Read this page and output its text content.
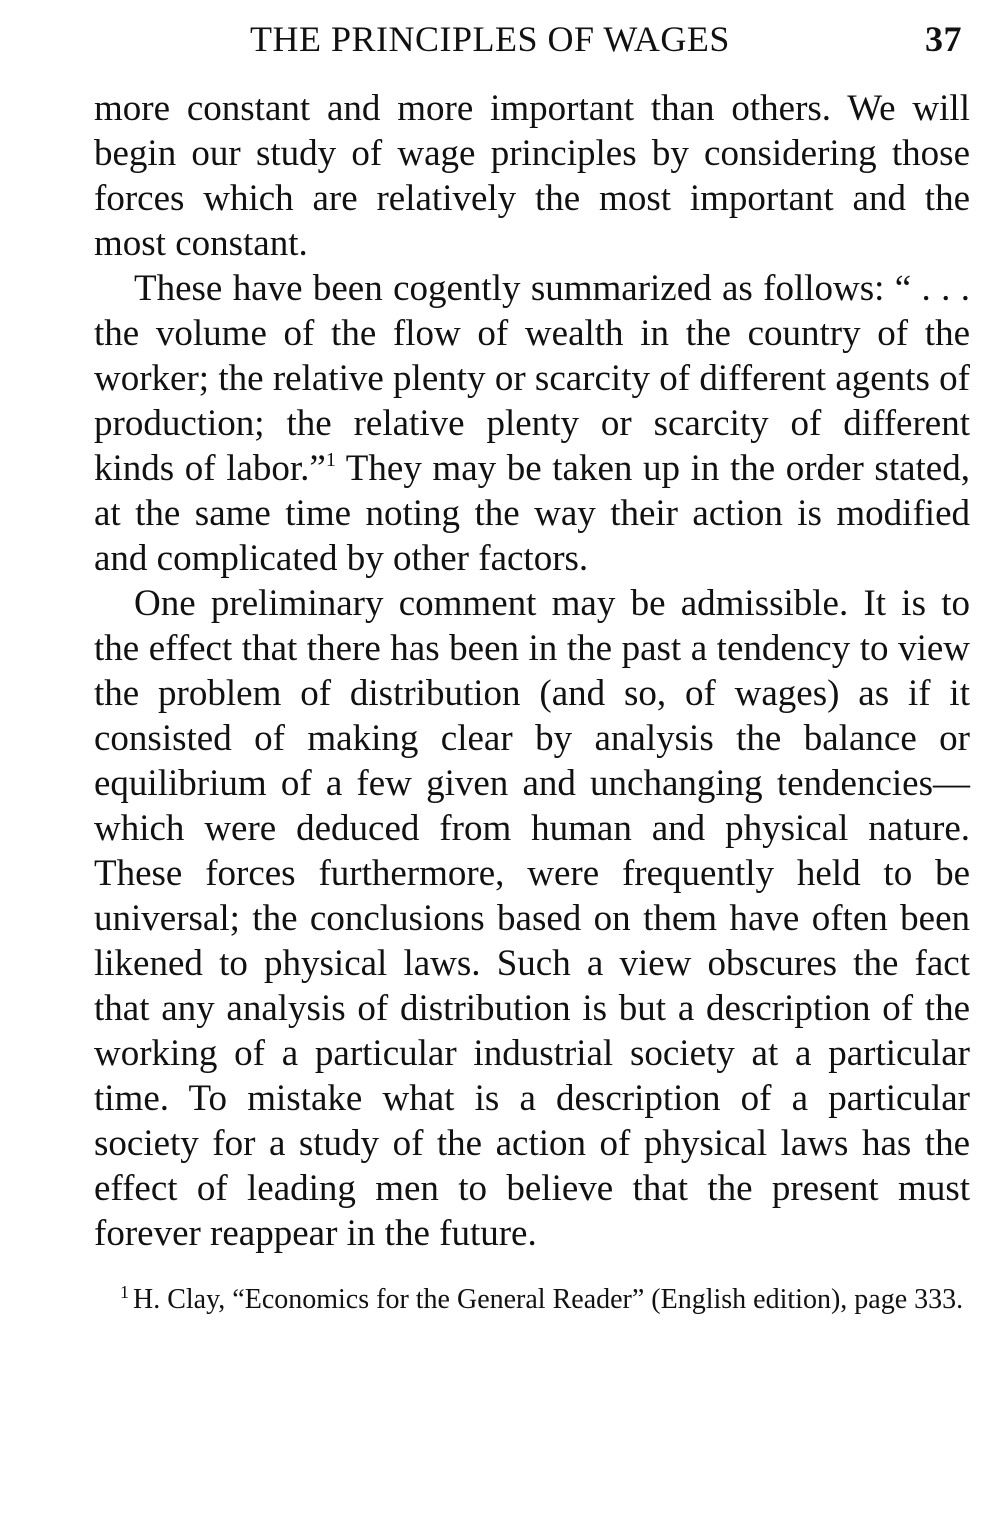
THE PRINCIPLES OF WAGES	37

more constant and more important than others. We will begin our study of wage principles by considering those forces which are relatively the most important and the most constant.

These have been cogently summarized as follows: “ . . . the volume of the flow of wealth in the country of the worker; the relative plenty or scarcity of different agents of production; the relative plenty or scarcity of different kinds of labor.”$^1$ They may be taken up in the order stated, at the same time noting the way their action is modified and complicated by other factors.

One preliminary comment may be admissible. It is to the effect that there has been in the past a tendency to view the problem of distribution (and so, of wages) as if it consisted of making clear by analysis the balance or equilibrium of a few given and unchanging tendencies—which were deduced from human and physical nature. These forces furthermore, were frequently held to be universal; the conclusions based on them have often been likened to physical laws. Such a view obscures the fact that any analysis of distribution is but a description of the working of a particular industrial society at a particular time. To mistake what is a description of a particular society for a study of the action of physical laws has the effect of leading men to believe that the present must forever reappear in the future.

$^1$ H. Clay, “Economics for the General Reader” (English edition), page 333.
